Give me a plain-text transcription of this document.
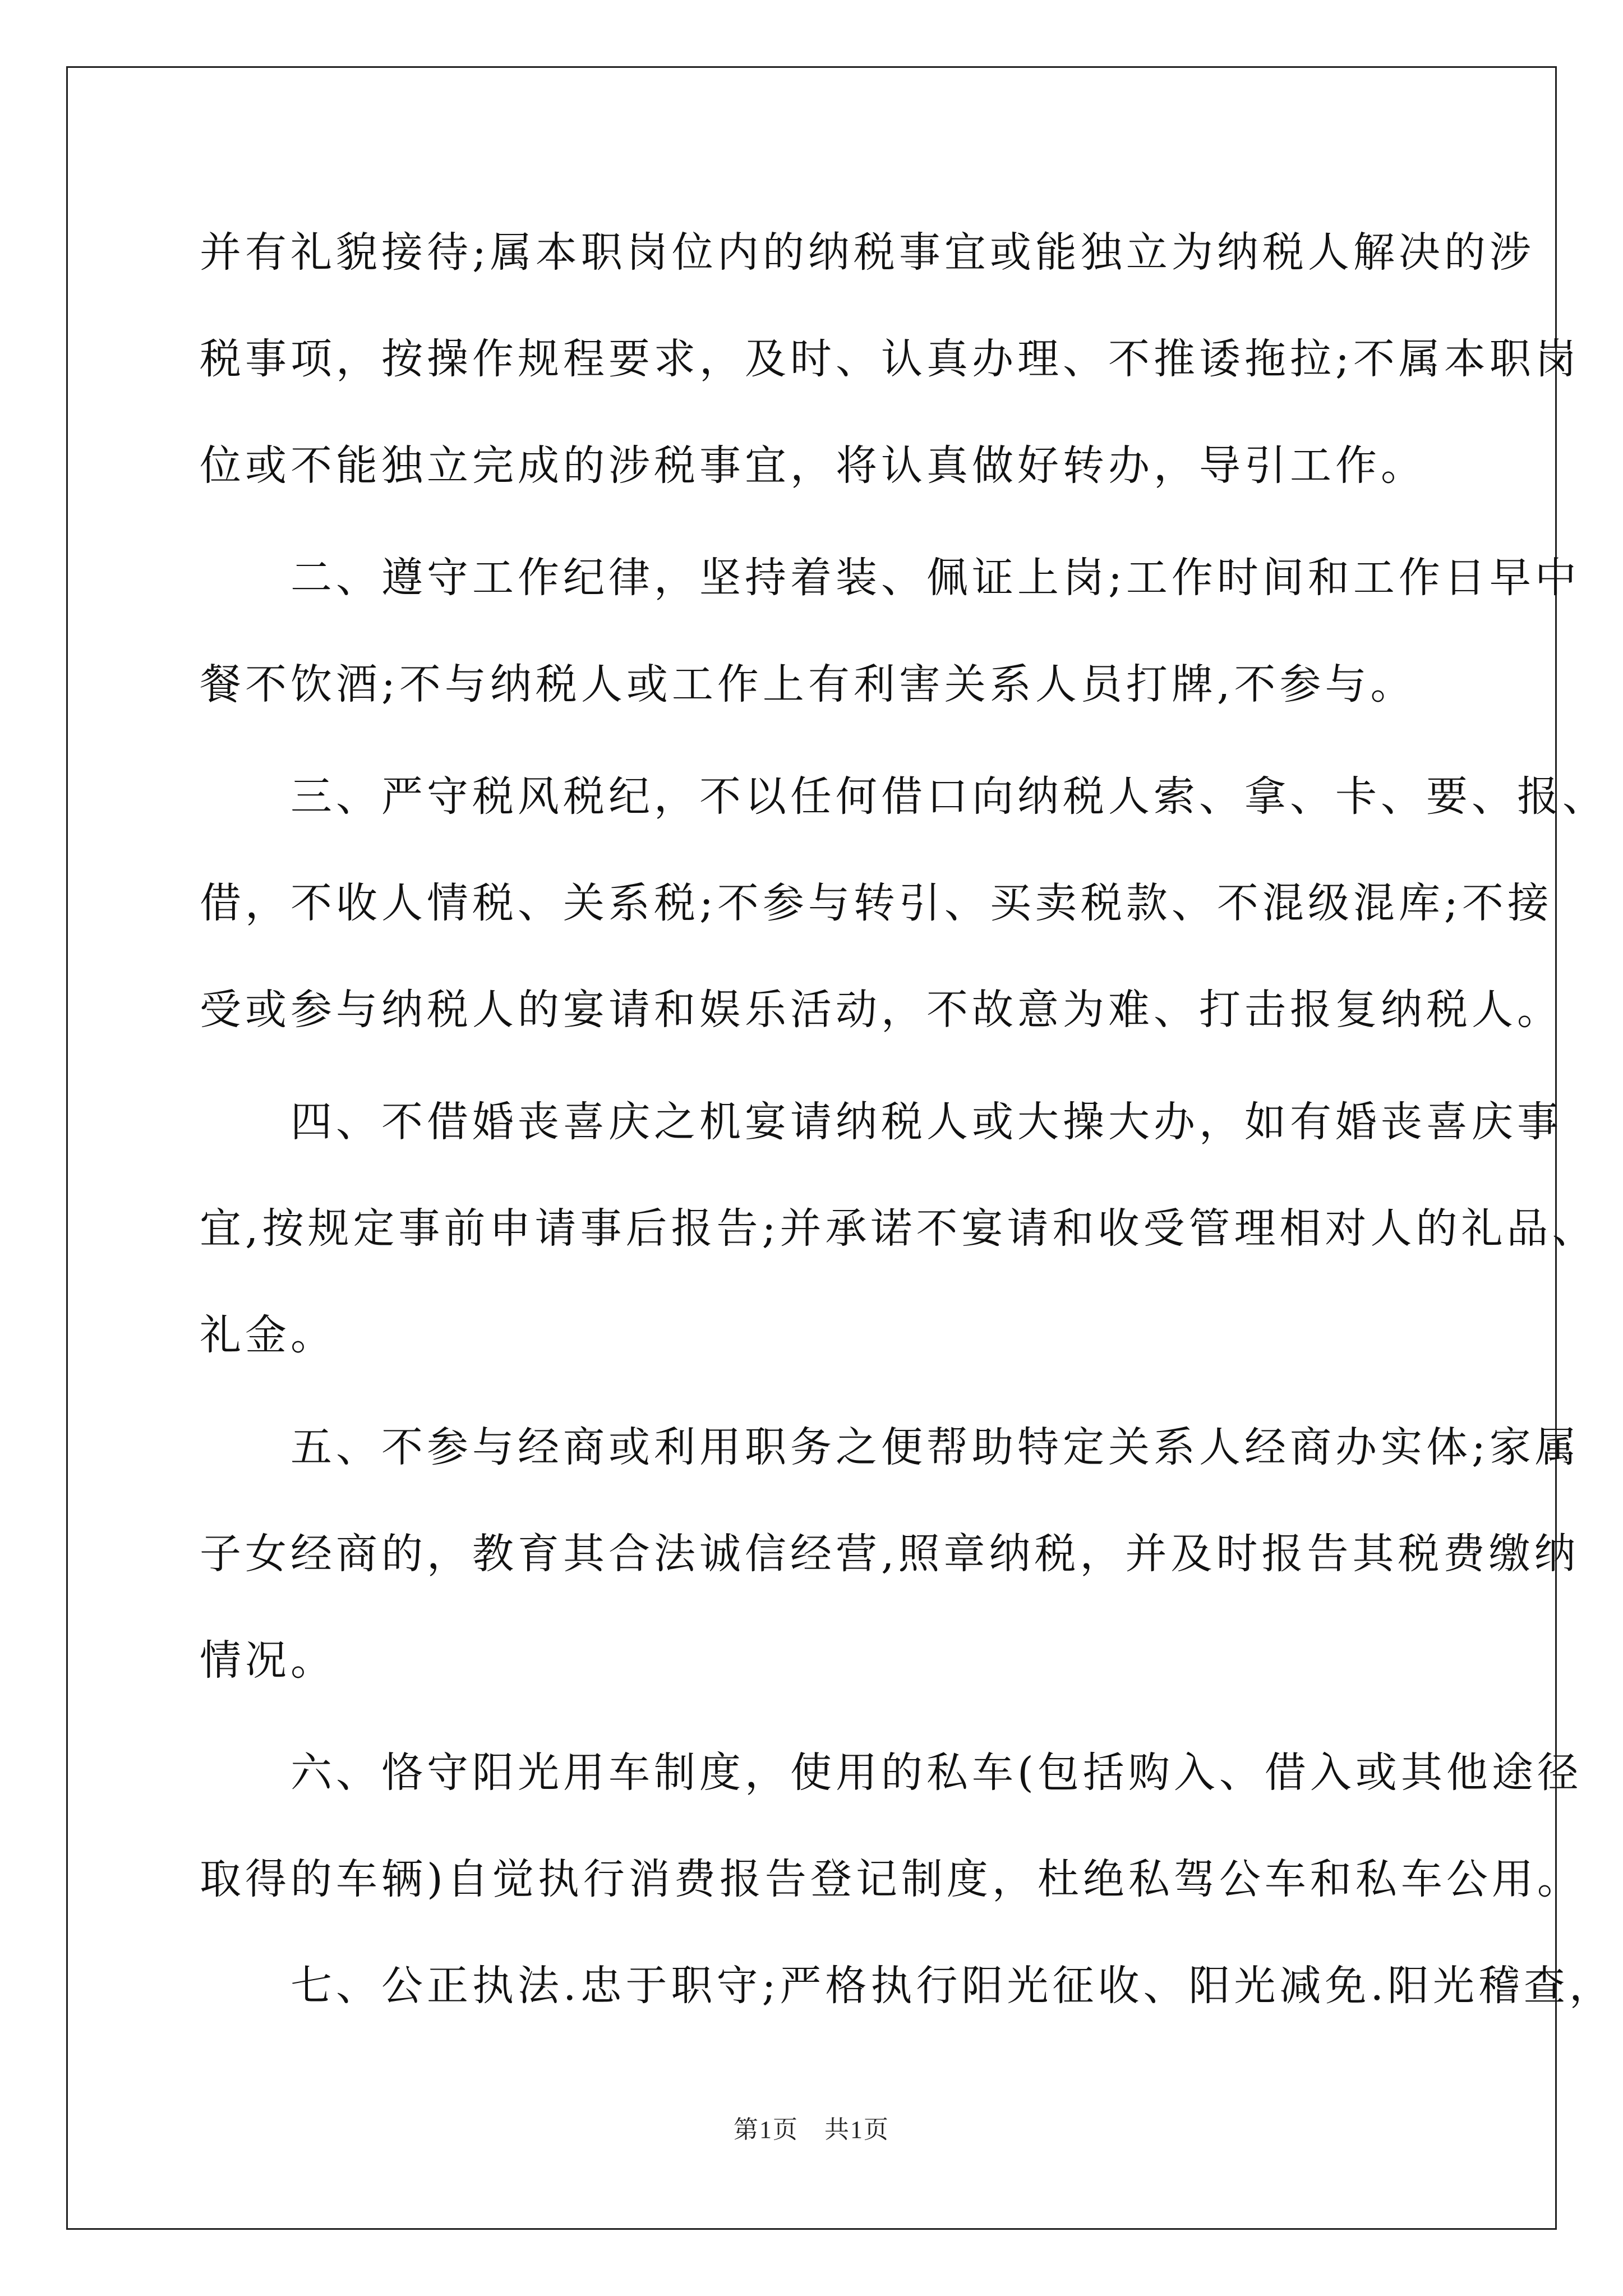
并有礼貌接待;属本职岗位内的纳税事宜或能独立为纳税人解决的涉
税事项，按操作规程要求，及时、认真办理、不推诿拖拉;不属本职岗
位或不能独立完成的涉税事宜，将认真做好转办，导引工作。
　　二、遵守工作纪律，坚持着装、佩证上岗;工作时间和工作日早中
餐不饮酒;不与纳税人或工作上有利害关系人员打牌,不参与。
　　三、严守税风税纪，不以任何借口向纳税人索、拿、卡、要、报、
借，不收人情税、关系税;不参与转引、买卖税款、不混级混库;不接
受或参与纳税人的宴请和娱乐活动，不故意为难、打击报复纳税人。
　　四、不借婚丧喜庆之机宴请纳税人或大操大办，如有婚丧喜庆事
宜,按规定事前申请事后报告;并承诺不宴请和收受管理相对人的礼品、
礼金。
　　五、不参与经商或利用职务之便帮助特定关系人经商办实体;家属
子女经商的，教育其合法诚信经营,照章纳税，并及时报告其税费缴纳
情况。
　　六、恪守阳光用车制度，使用的私车(包括购入、借入或其他途径
取得的车辆)自觉执行消费报告登记制度，杜绝私驾公车和私车公用。
　　七、公正执法.忠于职守;严格执行阳光征收、阳光减免.阳光稽查，
第1页　共1页
